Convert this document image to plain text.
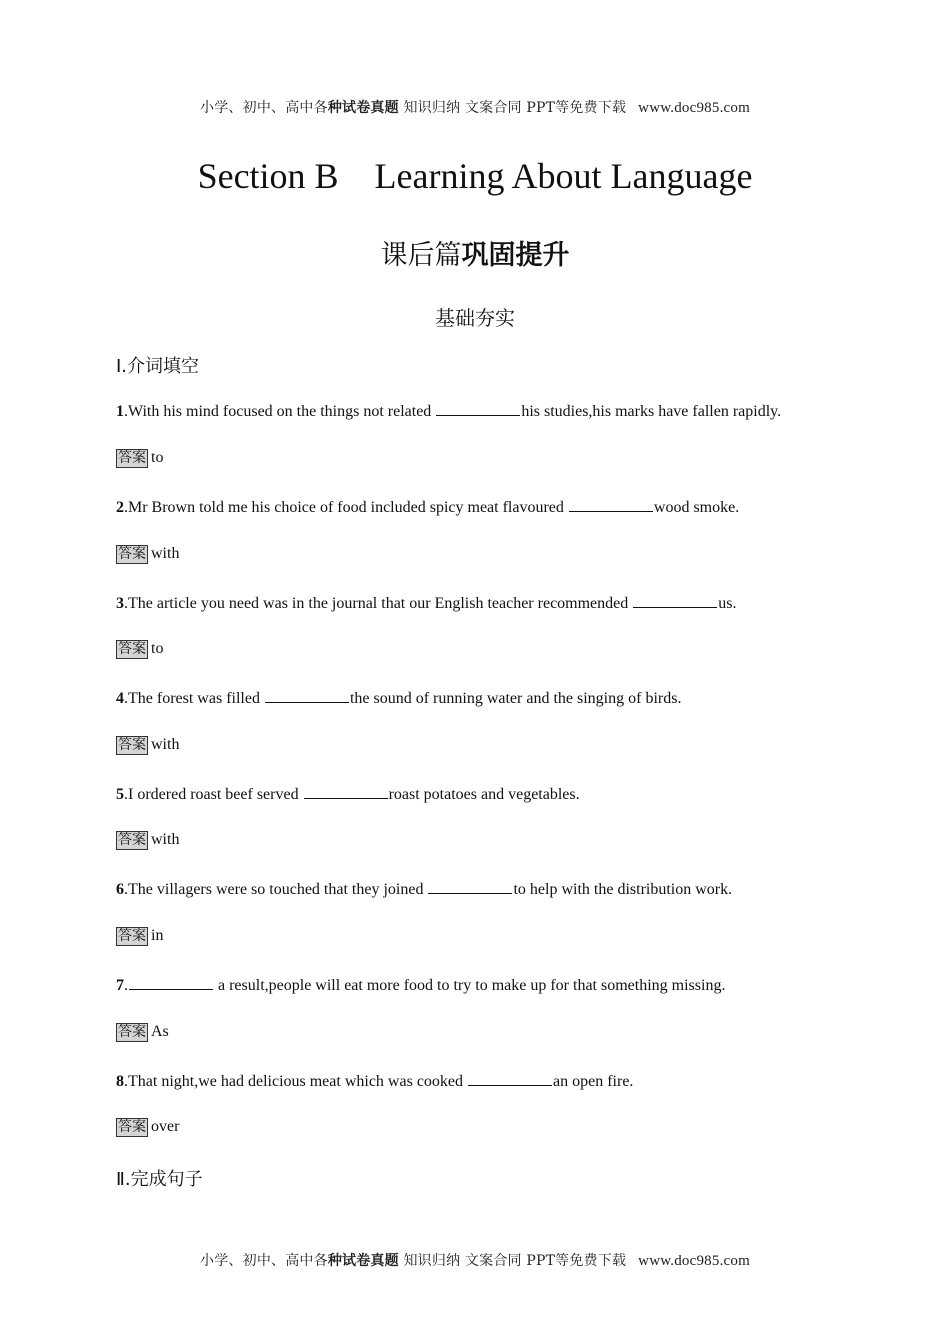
小学、初中、高中各种试卷真题 知识归纳 文案合同 PPT等免费下载 www.doc985.com
Section B　Learning About Language
课后篇巩固提升
基础夯实
Ⅰ.介词填空
1.With his mind focused on the things not related	his studies,his marks have fallen rapidly.
答案 to
2.Mr Brown told me his choice of food included spicy meat flavoured	wood smoke.
答案 with
3.The article you need was in the journal that our English teacher recommended	us.
答案 to
4.The forest was filled	the sound of running water and the singing of birds.
答案 with
5.I ordered roast beef served	roast potatoes and vegetables.
答案 with
6.The villagers were so touched that they joined	to help with the distribution work.
答案 in
7.	a result,people will eat more food to try to make up for that something missing.
答案 As
8.That night,we had delicious meat which was cooked	an open fire.
答案 over
Ⅱ.完成句子
小学、初中、高中各种试卷真题 知识归纳 文案合同 PPT等免费下载 www.doc985.com
